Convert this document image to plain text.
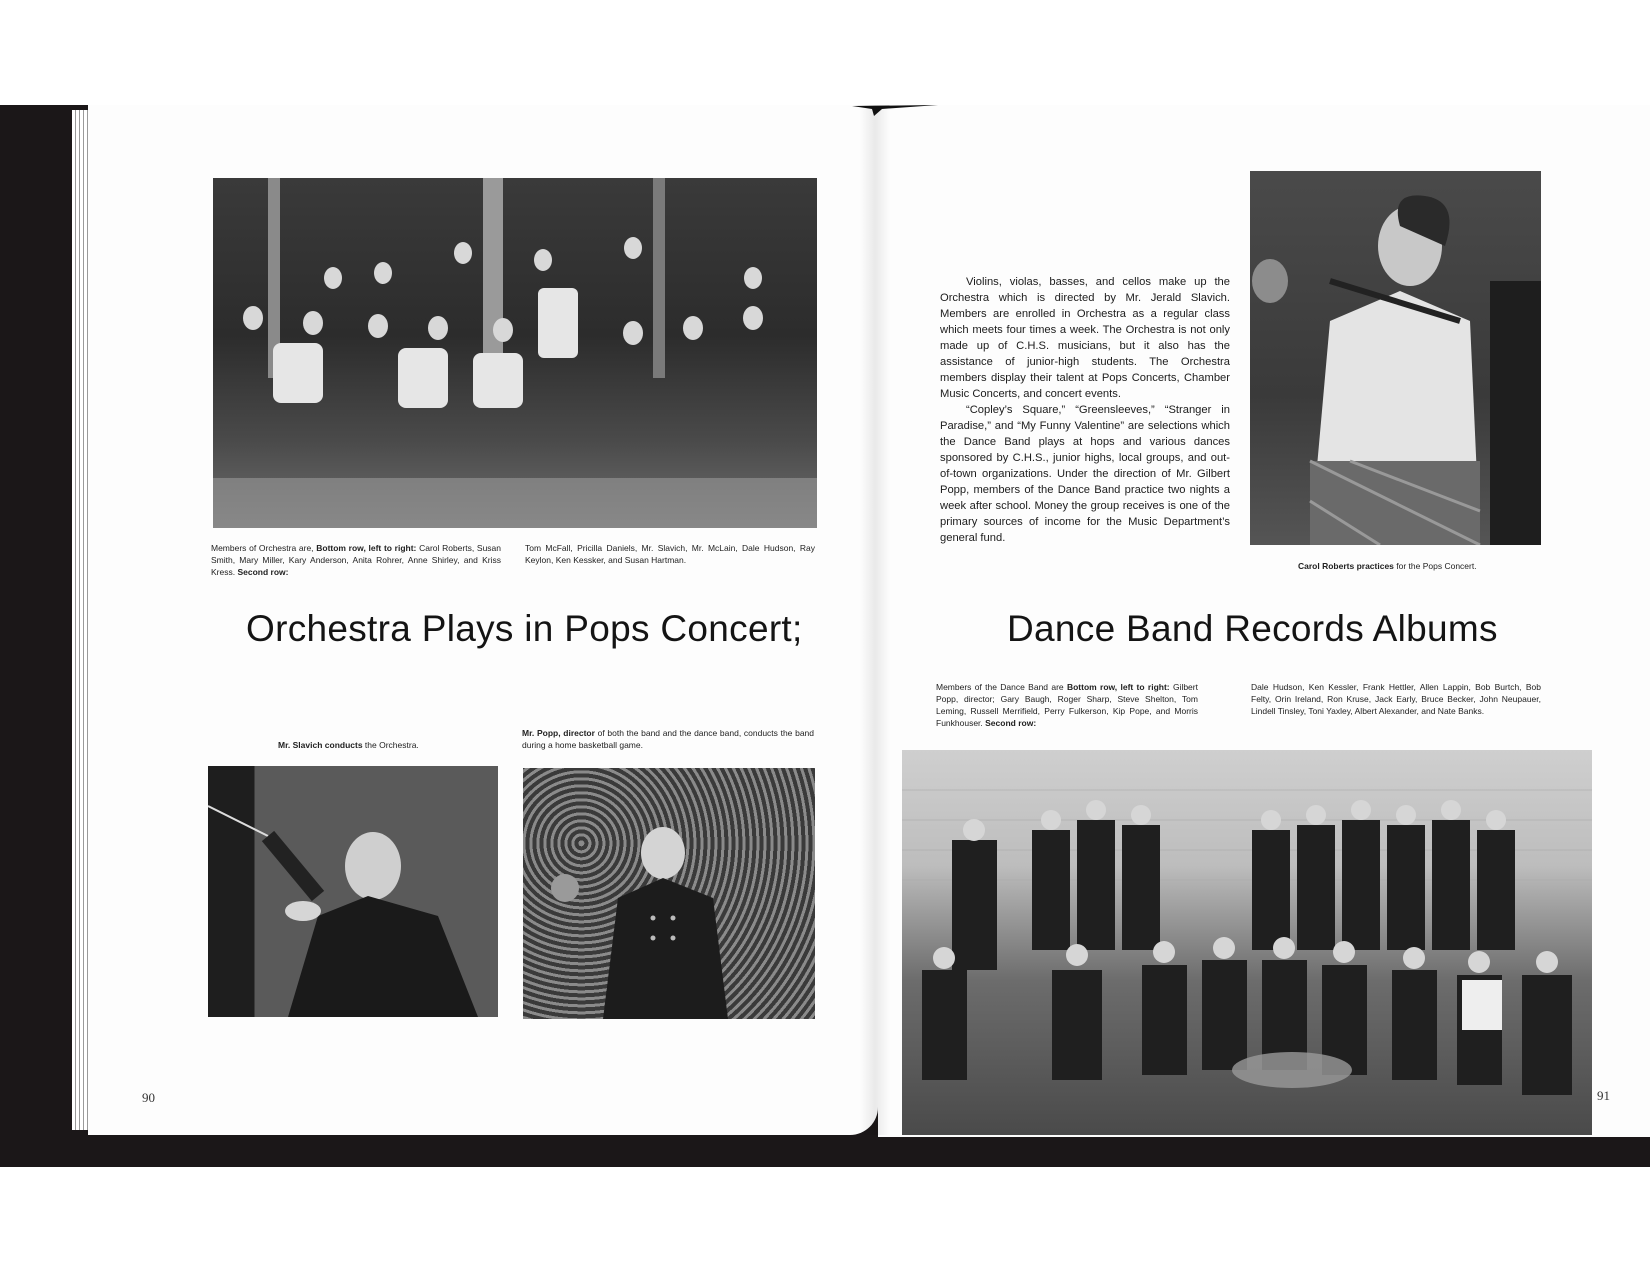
Members of Orchestra are, Bottom row, left to right: Carol Roberts, Susan Smith, Mary Miller, Kary Anderson, Anita Rohrer, Anne Shirley, and Kriss Kress. Second row:
Tom McFall, Pricilla Daniels, Mr. Slavich, Mr. McLain, Dale Hudson, Ray Keylon, Ken Kessker, and Susan Hartman.
Orchestra Plays in Pops Concert;
Mr. Slavich conducts the Orchestra.
Mr. Popp, director of both the band and the dance band, conducts the band during a home basketball game.
90

Violins, violas, basses, and cellos make up the Orchestra which is directed by Mr. Jerald Slavich. Members are enrolled in Orchestra as a regular class which meets four times a week. The Orchestra is not only made up of C.H.S. musicians, but it also has the assistance of junior-high students. The Orchestra members display their talent at Pops Concerts, Chamber Music Concerts, and concert events.

“Copley’s Square,” “Greensleeves,” “Stranger in Paradise,” and “My Funny Valentine” are selections which the Dance Band plays at hops and various dances sponsored by C.H.S., junior highs, local groups, and out-of-town organizations. Under the direction of Mr. Gilbert Popp, members of the Dance Band practice two nights a week after school. Money the group receives is one of the primary sources of income for the Music Department’s general fund.

Carol Roberts practices for the Pops Concert.
Dance Band Records Albums
Members of the Dance Band are Bottom row, left to right: Gilbert Popp, director; Gary Baugh, Roger Sharp, Steve Shelton, Tom Leming, Russell Merrifield, Perry Fulkerson, Kip Pope, and Morris Funkhouser. Second row:
Dale Hudson, Ken Kessler, Frank Hettler, Allen Lappin, Bob Burtch, Bob Felty, Orin Ireland, Ron Kruse, Jack Early, Bruce Becker, John Neupauer, Lindell Tinsley, Toni Yaxley, Albert Alexander, and Nate Banks.
91
